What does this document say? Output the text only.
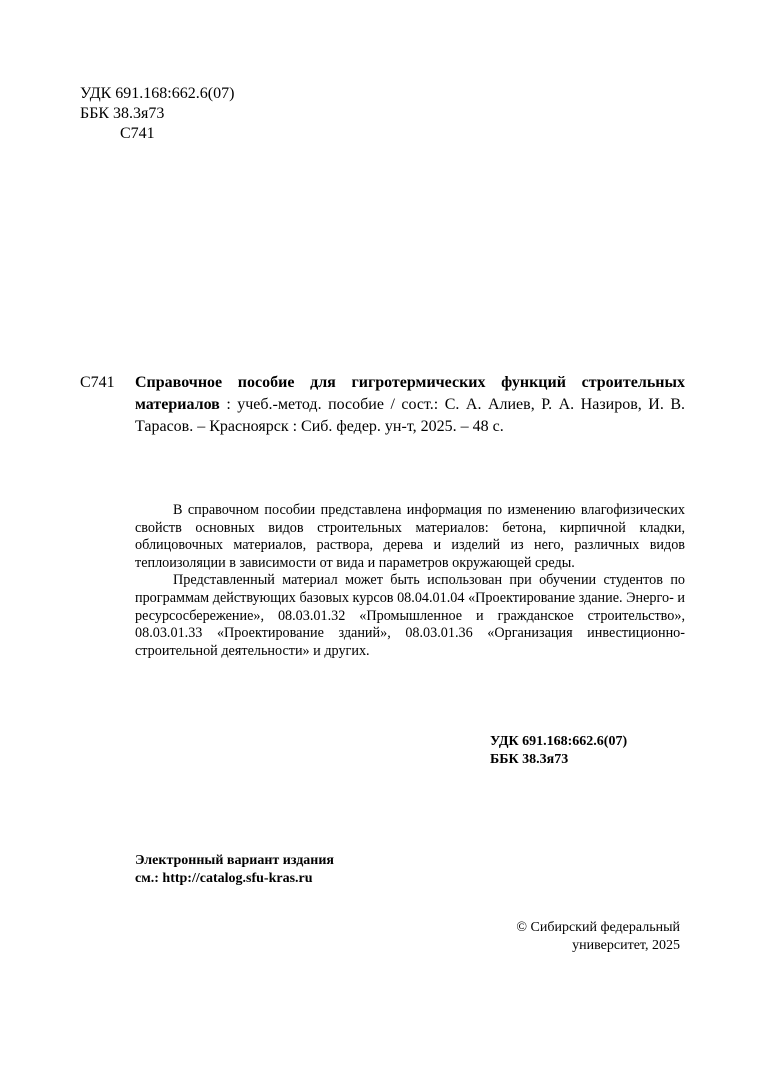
УДК 691.168:662.6(07)
ББК 38.3я73
С741
С741 Справочное пособие для гигротермических функций строительных материалов : учеб.-метод. пособие / сост.: С. А. Алиев, Р. А. Назиров, И. В. Тарасов. – Красноярск : Сиб. федер. ун-т, 2025. – 48 с.

В справочном пособии представлена информация по изменению влагофизических свойств основных видов строительных материалов: бетона, кирпичной кладки, облицовочных материалов, раствора, дерева и изделий из него, различных видов теплоизоляции в зависимости от вида и параметров окружающей среды.

Представленный материал может быть использован при обучении студентов по программам действующих базовых курсов 08.04.01.04 «Проектирование здание. Энерго- и ресурсосбережение», 08.03.01.32 «Промышленное и гражданское строительство», 08.03.01.33 «Проектирование зданий», 08.03.01.36 «Организация инвестиционно-строительной деятельности» и других.

УДК 691.168:662.6(07)
ББК 38.3я73
Электронный вариант издания
см.: http://catalog.sfu-kras.ru
© Сибирский федеральный
университет, 2025
